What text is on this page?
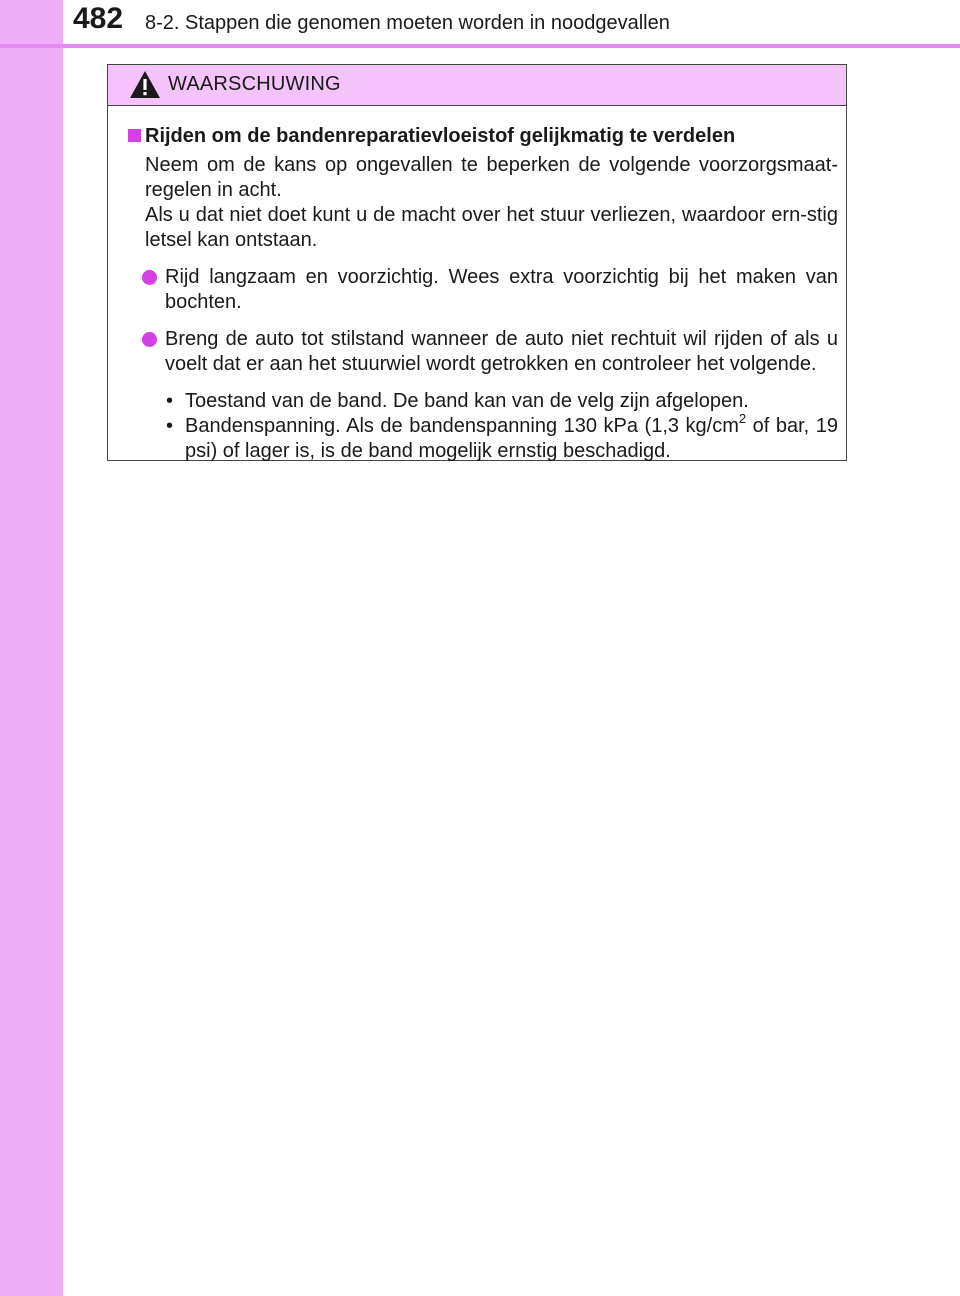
482 8-2. Stappen die genomen moeten worden in noodgevallen
WAARSCHUWING
Rijden om de bandenreparatievloeistof gelijkmatig te verdelen

Neem om de kans op ongevallen te beperken de volgende voorzorgsmaat-regelen in acht.

Als u dat niet doet kunt u de macht over het stuur verliezen, waardoor ern-stig letsel kan ontstaan.

Rijd langzaam en voorzichtig. Wees extra voorzichtig bij het maken van bochten.
Breng de auto tot stilstand wanneer de auto niet rechtuit wil rijden of als u voelt dat er aan het stuurwiel wordt getrokken en controleer het volgende.
• Toestand van de band. De band kan van de velg zijn afgelopen.
• Bandenspanning. Als de bandenspanning 130 kPa (1,3 $kg/cm^2$ of bar, 19 psi) of lager is, is de band mogelijk ernstig beschadigd.
